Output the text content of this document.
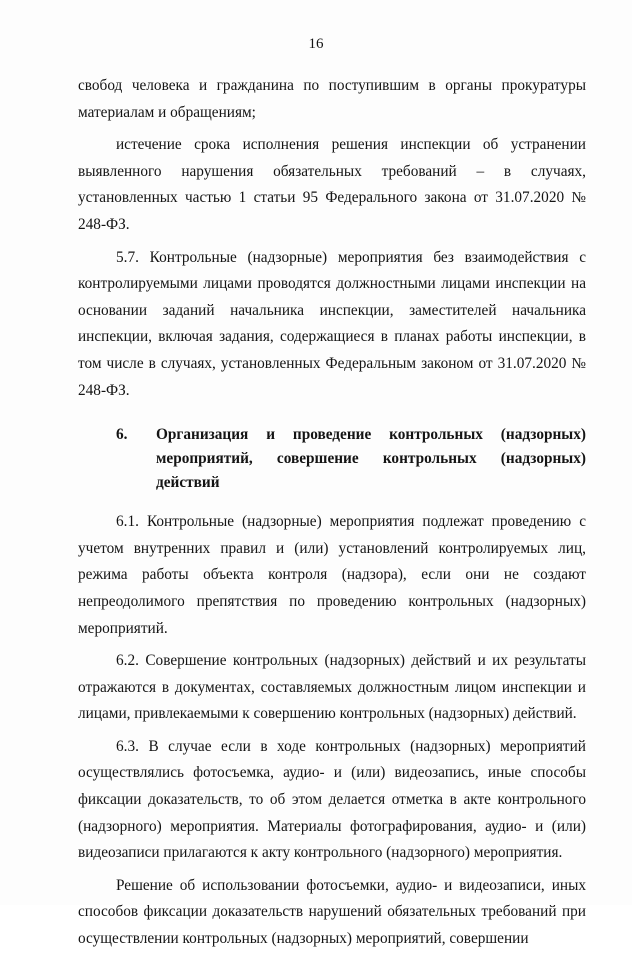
16

свобод человека и гражданина по поступившим в органы прокуратуры материалам и обращениям;

истечение срока исполнения решения инспекции об устранении выявленного нарушения обязательных требований – в случаях, установленных частью 1 статьи 95 Федерального закона от 31.07.2020 № 248-ФЗ.

5.7. Контрольные (надзорные) мероприятия без взаимодействия с контролируемыми лицами проводятся должностными лицами инспекции на основании заданий начальника инспекции, заместителей начальника инспекции, включая задания, содержащиеся в планах работы инспекции, в том числе в случаях, установленных Федеральным законом от 31.07.2020 № 248-ФЗ.

6.	Организация и проведение контрольных (надзорных) мероприятий, совершение контрольных (надзорных) действий

6.1. Контрольные (надзорные) мероприятия подлежат проведению с учетом внутренних правил и (или) установлений контролируемых лиц, режима работы объекта контроля (надзора), если они не создают непреодолимого препятствия по проведению контрольных (надзорных) мероприятий.

6.2. Совершение контрольных (надзорных) действий и их результаты отражаются в документах, составляемых должностным лицом инспекции и лицами, привлекаемыми к совершению контрольных (надзорных) действий.

6.3. В случае если в ходе контрольных (надзорных) мероприятий осуществлялись фотосъемка, аудио- и (или) видеозапись, иные способы фиксации доказательств, то об этом делается отметка в акте контрольного (надзорного) мероприятия. Материалы фотографирования, аудио- и (или) видеозаписи прилагаются к акту контрольного (надзорного) мероприятия.

Решение об использовании фотосъемки, аудио- и видеозаписи, иных способов фиксации доказательств нарушений обязательных требований при осуществлении контрольных (надзорных) мероприятий, совершении
